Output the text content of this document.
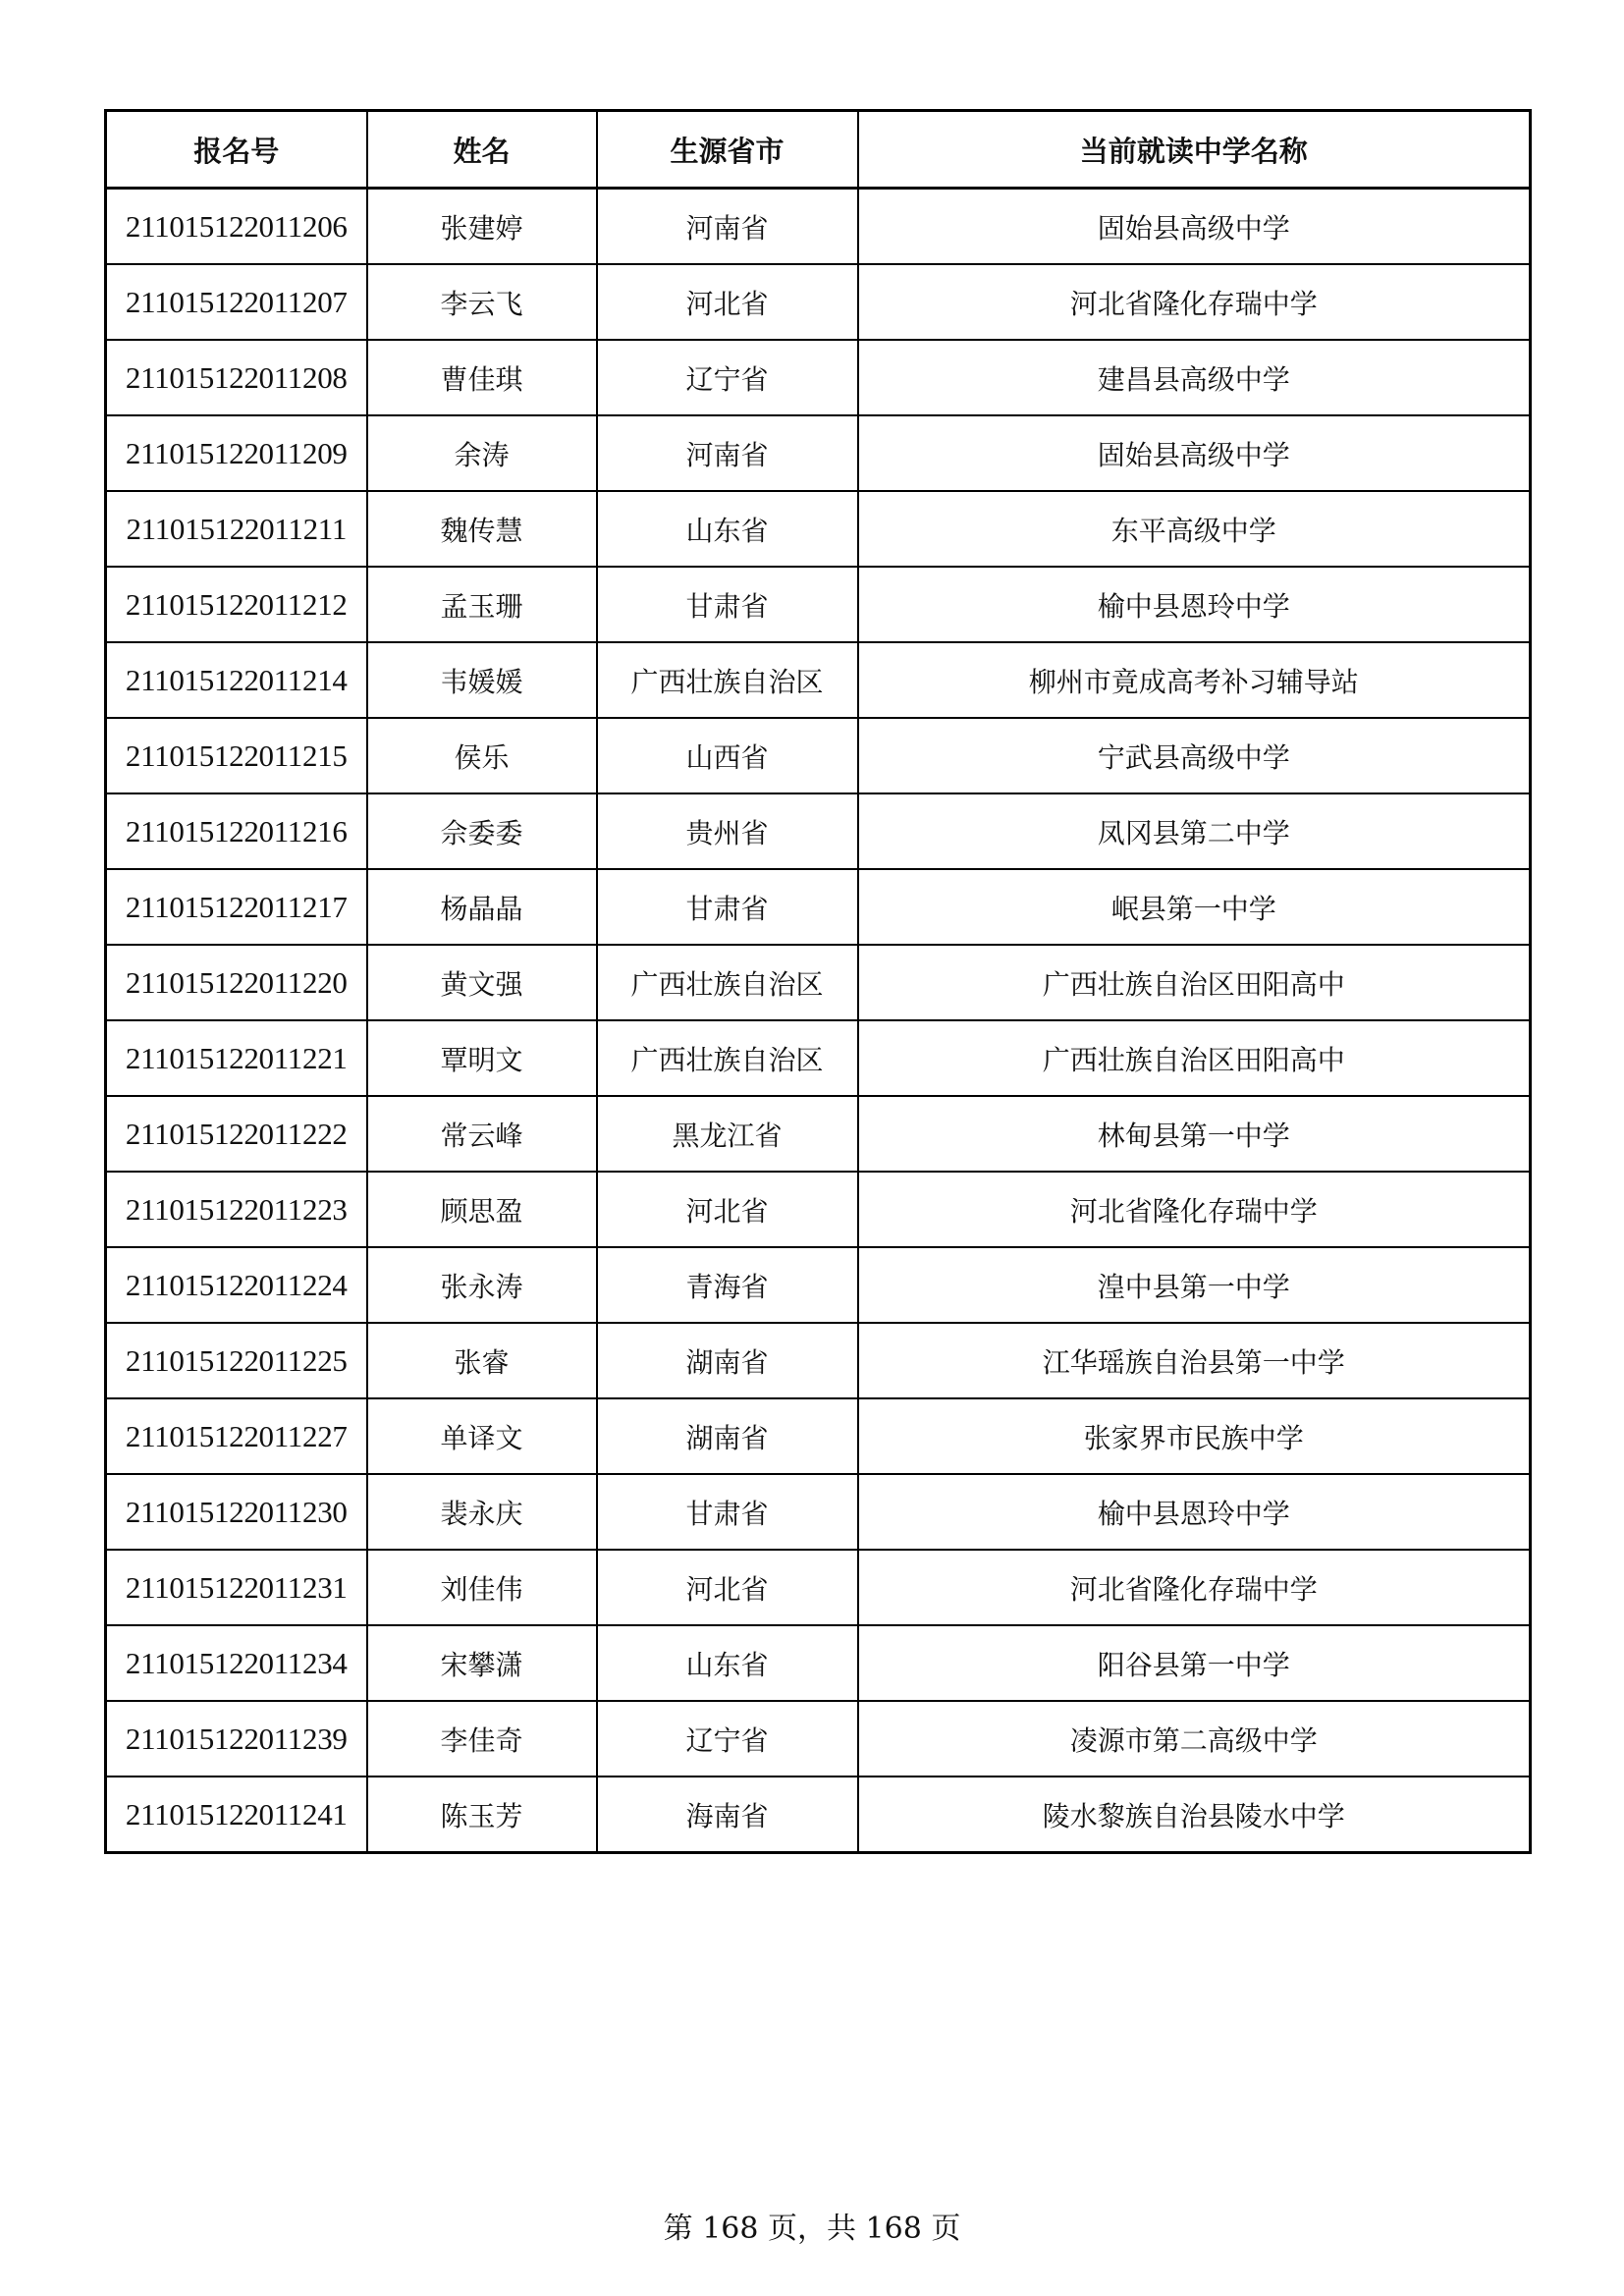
报名号	姓名	生源省市	当前就读中学名称
211015122011206	张建婷	河南省	固始县高级中学
211015122011207	李云飞	河北省	河北省隆化存瑞中学
211015122011208	曹佳琪	辽宁省	建昌县高级中学
211015122011209	余涛	河南省	固始县高级中学
211015122011211	魏传慧	山东省	东平高级中学
211015122011212	孟玉珊	甘肃省	榆中县恩玲中学
211015122011214	韦媛媛	广西壮族自治区	柳州市竟成高考补习辅导站
211015122011215	侯乐	山西省	宁武县高级中学
211015122011216	佘委委	贵州省	凤冈县第二中学
211015122011217	杨晶晶	甘肃省	岷县第一中学
211015122011220	黄文强	广西壮族自治区	广西壮族自治区田阳高中
211015122011221	覃明文	广西壮族自治区	广西壮族自治区田阳高中
211015122011222	常云峰	黑龙江省	林甸县第一中学
211015122011223	顾思盈	河北省	河北省隆化存瑞中学
211015122011224	张永涛	青海省	湟中县第一中学
211015122011225	张睿	湖南省	江华瑶族自治县第一中学
211015122011227	单译文	湖南省	张家界市民族中学
211015122011230	裴永庆	甘肃省	榆中县恩玲中学
211015122011231	刘佳伟	河北省	河北省隆化存瑞中学
211015122011234	宋攀潇	山东省	阳谷县第一中学
211015122011239	李佳奇	辽宁省	凌源市第二高级中学
211015122011241	陈玉芳	海南省	陵水黎族自治县陵水中学
第 168 页，共 168 页
